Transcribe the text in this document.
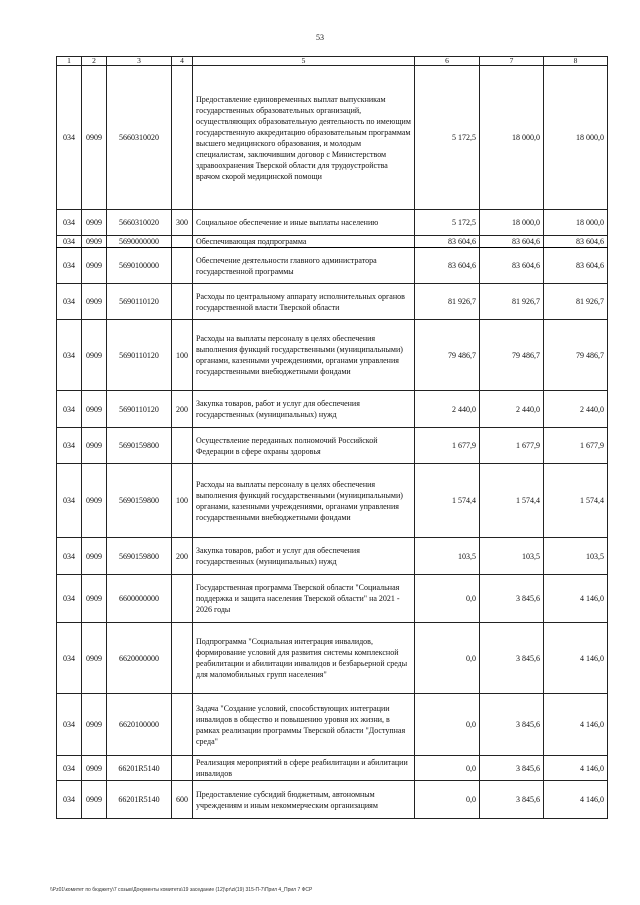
53
1	2	3	4	5	6	7	8
034	0909	5660310020		Предоставление единовременных выплат выпускникам государственных образовательных организаций, осуществляющих образовательную деятельность по имеющим государственную аккредитацию образовательным программам высшего медицинского образования, и молодым специалистам, заключившим договор с Министерством здравоохранения Тверской области для трудоустройства врачом скорой медицинской помощи	5 172,5	18 000,0	18 000,0
034	0909	5660310020	300	Социальное обеспечение и иные выплаты населению	5 172,5	18 000,0	18 000,0
034	0909	5690000000		Обеспечивающая подпрограмма	83 604,6	83 604,6	83 604,6
034	0909	5690100000		Обеспечение деятельности главного администратора государственной программы	83 604,6	83 604,6	83 604,6
034	0909	5690110120		Расходы по центральному аппарату исполнительных органов государственной власти Тверской области	81 926,7	81 926,7	81 926,7
034	0909	5690110120	100	Расходы на выплаты персоналу в целях обеспечения выполнения функций государственными (муниципальными) органами, казенными учреждениями, органами управления государственными внебюджетными фондами	79 486,7	79 486,7	79 486,7
034	0909	5690110120	200	Закупка товаров, работ и услуг для обеспечения государственных (муниципальных) нужд	2 440,0	2 440,0	2 440,0
034	0909	5690159800		Осуществление переданных полномочий Российской Федерации в сфере охраны здоровья	1 677,9	1 677,9	1 677,9
034	0909	5690159800	100	Расходы на выплаты персоналу в целях обеспечения выполнения функций государственными (муниципальными) органами, казенными учреждениями, органами управления государственными внебюджетными фондами	1 574,4	1 574,4	1 574,4
034	0909	5690159800	200	Закупка товаров, работ и услуг для обеспечения государственных (муниципальных) нужд	103,5	103,5	103,5
034	0909	6600000000		Государственная программа Тверской области "Социальная поддержка и защита населения Тверской области" на 2021 - 2026 годы	0,0	3 845,6	4 146,0
034	0909	6620000000		Подпрограмма "Социальная интеграция инвалидов, формирование условий для развития системы комплексной реабилитации и абилитации инвалидов и безбарьерной среды для маломобильных групп населения"	0,0	3 845,6	4 146,0
034	0909	6620100000		Задача "Создание условий, способствующих интеграции инвалидов в общество и повышению уровня их жизни, в рамках реализации программы Тверской области "Доступная среда"	0,0	3 845,6	4 146,0
034	0909	66201R5140		Реализация мероприятий в сфере реабилитации и абилитации инвалидов	0,0	3 845,6	4 146,0
034	0909	66201R5140	600	Предоставление субсидий бюджетным, автономным учреждениям и иным некоммерческим организациям	0,0	3 845,6	4 146,0
\\Pz01\комитет по бюджету\7 созыв\Документы комитета\19 заседание (12)\pr\zi(19) 315-П-7\Прил 4_Прил 7 ФСР
